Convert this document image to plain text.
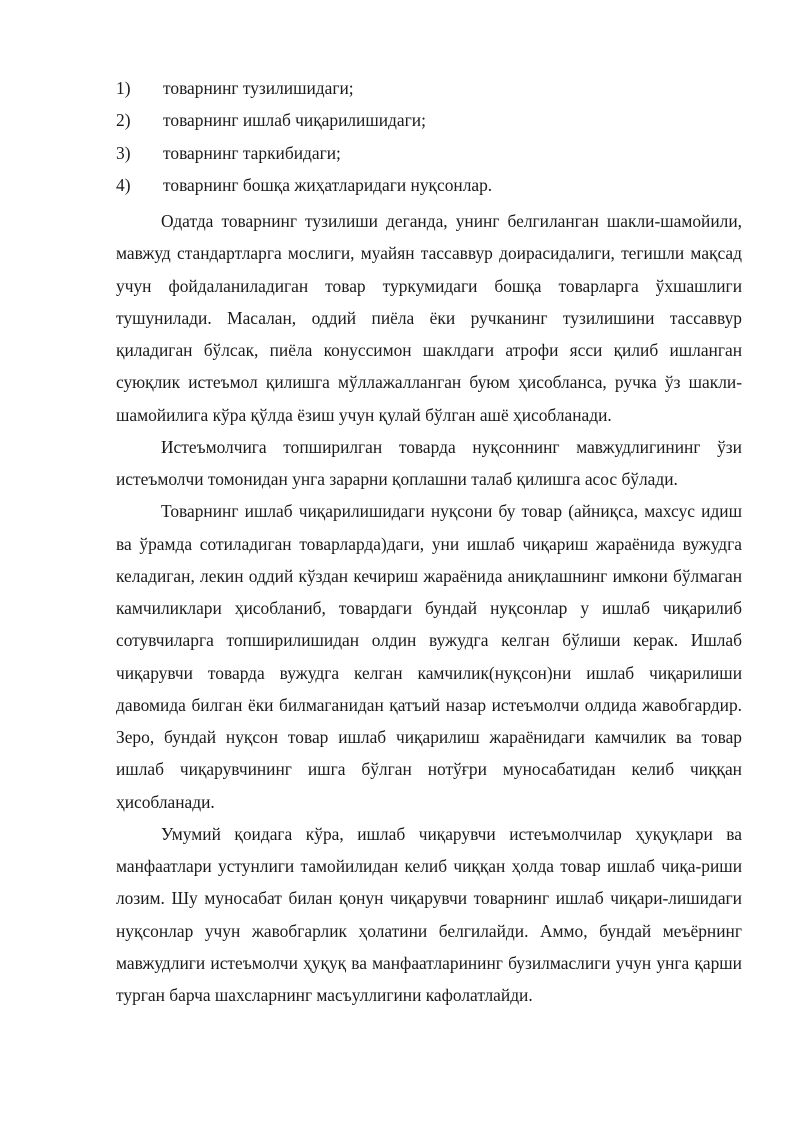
1) товарнинг тузилишидаги;
2) товарнинг ишлаб чиқарилишидаги;
3) товарнинг таркибидаги;
4) товарнинг бошқа жиҳатларидаги нуқсонлар.

Одатда товарнинг тузилиши деганда, унинг белгиланган шакли-шамойили, мавжуд стандартларга мослиги, муайян тассаввур доирасидалиги, тегишли мақсад учун фойдаланиладиган товар туркумидаги бошқа товарларга ўхшашлиги тушунилади. Масалан, оддий пиёла ёки ручканинг тузилишини тассаввур қиладиган бўлсак, пиёла конуссимон шаклдаги атрофи ясси қилиб ишланган суюқлик истеъмол қилишга мўллажалланган буюм ҳисобланса, ручка ўз шакли-шамойилига кўра қўлда ёзиш учун қулай бўлган ашё ҳисобланади.

Истеъмолчига топширилган товарда нуқсоннинг мавжудлигининг ўзи истеъмолчи томонидан унга зарарни қоплашни талаб қилишга асос бўлади.

Товарнинг ишлаб чиқарилишидаги нуқсони бу товар (айниқса, махсус идиш ва ўрамда сотиладиган товарларда)даги, уни ишлаб чиқариш жараёнида вужудга келадиган, лекин оддий кўздан кечириш жараёнида аниқлашнинг имкони бўлмаган камчиликлари ҳисобланиб, товардаги бундай нуқсонлар у ишлаб чиқарилиб сотувчиларга топширилишидан олдин вужудга келган бўлиши керак. Ишлаб чиқарувчи товарда вужудга келган камчилик(нуқсон)ни ишлаб чиқарилиши давомида билган ёки билмаганидан қатъий назар истеъмолчи олдида жавобгардир. Зеро, бундай нуқсон товар ишлаб чиқарилиш жараёнидаги камчилик ва товар ишлаб чиқарувчининг ишга бўлган нотўғри муносабатидан келиб чиққан ҳисобланади.

Умумий қоидага кўра, ишлаб чиқарувчи истеъмолчилар ҳуқуқлари ва манфаатлари устунлиги тамойилидан келиб чиққан ҳолда товар ишлаб чиқа-риши лозим. Шу муносабат билан қонун чиқарувчи товарнинг ишлаб чиқари-лишидаги нуқсонлар учун жавобгарлик ҳолатини белгилайди. Аммо, бундай меъёрнинг мавжудлиги истеъмолчи ҳуқуқ ва манфаатларининг бузилмаслиги учун унга қарши турган барча шахсларнинг масъуллигини кафолатлайди.
